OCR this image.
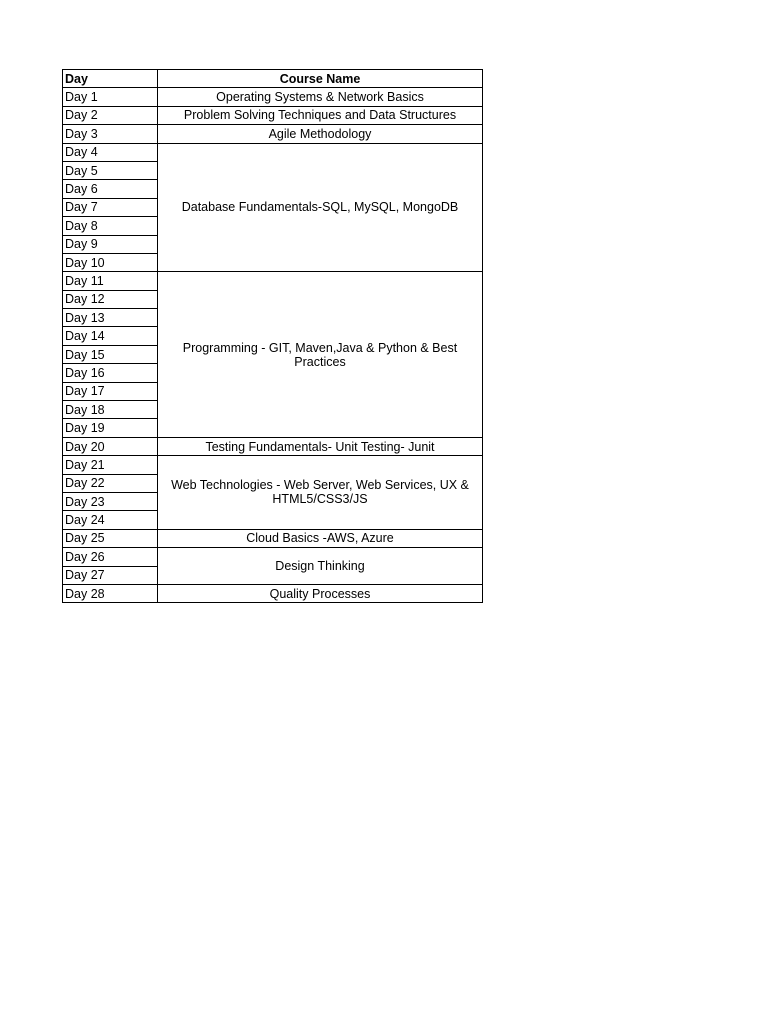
Day	Course Name
Day 1	Operating Systems & Network Basics
Day 2	Problem Solving Techniques and Data Structures
Day 3	Agile Methodology
Day 4	Database Fundamentals-SQL, MySQL, MongoDB
Day 5	
Day 6	
Day 7	
Day 8	
Day 9	
Day 10	
Day 11	Programming - GIT, Maven,Java & Python & Best Practices
Day 12	
Day 13	
Day 14	
Day 15	
Day 16	
Day 17	
Day 18	
Day 19	
Day 20	Testing Fundamentals- Unit Testing- Junit
Day 21	Web Technologies - Web Server, Web Services, UX & HTML5/CSS3/JS
Day 22	
Day 23	
Day 24	
Day 25	Cloud Basics -AWS, Azure
Day 26	Design Thinking
Day 27	
Day 28	Quality Processes
